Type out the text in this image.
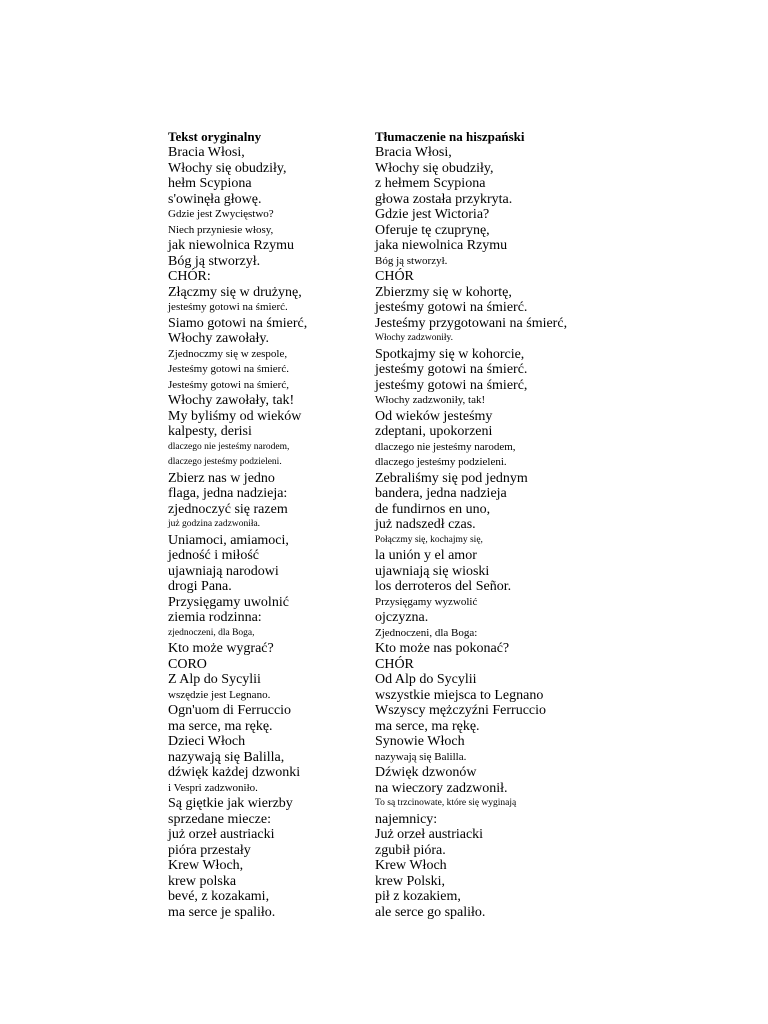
Tekst oryginalny
Bracia Włosi,
Włochy się obudziły,
hełm Scypiona
s'owinęła głowę.
Gdzie jest Zwycięstwo?
Niech przyniesie włosy,
jak niewolnica Rzymu
Bóg ją stworzył.
CHÓR:
Złączmy się w drużynę,
jesteśmy gotowi na śmierć.
Siamo gotowi na śmierć,
Włochy zawołały.
Zjednoczmy się w zespole,
Jesteśmy gotowi na śmierć.
Jesteśmy gotowi na śmierć,
Włochy zawołały, tak!
My byliśmy od wieków
kalpesty, derisi
dlaczego nie jesteśmy narodem,
dlaczego jesteśmy podzieleni.
Zbierz nas w jedno
flaga, jedna nadzieja:
zjednoczyć się razem
już godzina zadzwoniła.
Uniamoci, amiamoci,
jedność i miłość
ujawniają narodowi
drogi Pana.
Przysięgamy uwolnić
ziemia rodzinna:
zjednoczeni, dla Boga,
Kto może wygrać?
CORO
Z Alp do Sycylii
wszędzie jest Legnano.
Ogn'uom di Ferruccio
ma serce, ma rękę.
Dzieci Włoch
nazywają się Balilla,
dźwięk każdej dzwonki
i Vespri zadzwoniło.
Są giętkie jak wierzby
sprzedane miecze:
już orzeł austriacki
pióra przestały
Krew Włoch,
krew polska
bevé, z kozakami,
ma serce je spaliło.
Tłumaczenie na hiszpański
Bracia Włosi,
Włochy się obudziły,
z hełmem Scypiona
głowa została przykryta.
Gdzie jest Wictoria?
Oferuje tę czuprynę,
jaka niewolnica Rzymu
Bóg ją stworzył.
CHÓR
Zbierzmy się w kohortę,
jesteśmy gotowi na śmierć.
Jesteśmy przygotowani na śmierć,
Włochy zadzwoniły.
Spotkajmy się w kohorcie,
jesteśmy gotowi na śmierć.
jesteśmy gotowi na śmierć,
Włochy zadzwoniły, tak!
Od wieków jesteśmy
zdeptani, upokorzeni
dlaczego nie jesteśmy narodem,
dlaczego jesteśmy podzieleni.
Zebraliśmy się pod jednym
bandera, jedna nadzieja
de fundirnos en uno,
już nadszedł czas.
Połączmy się, kochajmy się,
la unión y el amor
ujawniają się wioski
los derroteros del Señor.
Przysięgamy wyzwolić
ojczyzna.
Zjednoczeni, dla Boga:
Kto może nas pokonać?
CHÓR
Od Alp do Sycylii
wszystkie miejsca to Legnano
Wszyscy mężczyźni Ferruccio
ma serce, ma rękę.
Synowie Włoch
nazywają się Balilla.
Dźwięk dzwonów
na wieczory zadzwonił.
To są trzcinowate, które się wyginają
najemnicy:
Już orzeł austriacki
zgubił pióra.
Krew Włoch
krew Polski,
pił z kozakiem,
ale serce go spaliło.
